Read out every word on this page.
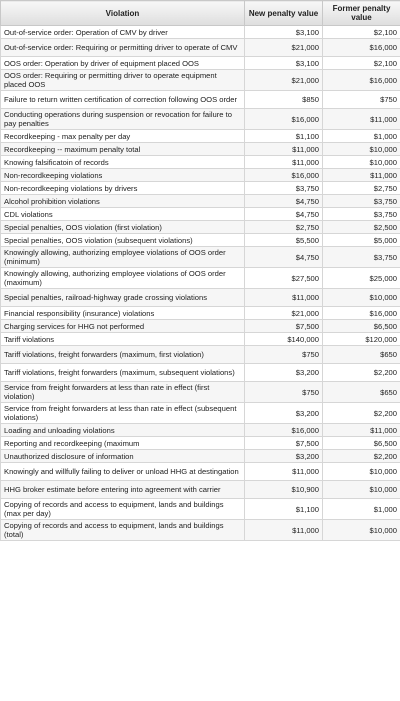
Violation	New penalty value	Former penalty value
Out-of-service order: Operation of CMV by driver	$3,100	$2,100
Out-of-service order: Requiring or permitting driver to operate of CMV	$21,000	$16,000
OOS order: Operation by driver of equipment placed OOS	$3,100	$2,100
OOS order: Requiring or permitting driver to operate equipment placed OOS	$21,000	$16,000
Failure to return written certification of correction following OOS order	$850	$750
Conducting operations during suspension or revocation for failure to pay penalties	$16,000	$11,000
Recordkeeping - max penalty per day	$1,100	$1,000
Recordkeeping -- maximum penalty total	$11,000	$10,000
Knowing falsificatoin of records	$11,000	$10,000
Non-recordkeeping violations	$16,000	$11,000
Non-recordkeeping violations by drivers	$3,750	$2,750
Alcohol prohibition violations	$4,750	$3,750
CDL violations	$4,750	$3,750
Special penalties, OOS violation (first violation)	$2,750	$2,500
Special penalties, OOS violation (subsequent violations)	$5,500	$5,000
Knowingly allowing, authorizing employee violations of OOS order (minimum)	$4,750	$3,750
Knowingly allowing, authorizing employee violations of OOS order (maximum)	$27,500	$25,000
Special penalties, railroad-highway grade crossing violations	$11,000	$10,000
Financial responsibility (insurance) violations	$21,000	$16,000
Charging services for HHG not performed	$7,500	$6,500
Tariff violations	$140,000	$120,000
Tariff violations, freight forwarders (maximum, first violation)	$750	$650
Tariff violations, freight forwarders (maximum, subsequent violations)	$3,200	$2,200
Service from freight forwarders at less than rate in effect (first violation)	$750	$650
Service from freight forwarders at less than rate in effect (subsequent violations)	$3,200	$2,200
Loading and unloading violations	$16,000	$11,000
Reporting and recordkeeping (maximum	$7,500	$6,500
Unauthorized disclosure of information	$3,200	$2,200
Knowingly and willfully failing to deliver or unload HHG at destingation	$11,000	$10,000
HHG broker estimate before entering into agreement with carrier	$10,900	$10,000
Copying of records and access to equipment, lands and buildings (max per day)	$1,100	$1,000
Copying of records and access to equipment, lands and buildings (total)	$11,000	$10,000
